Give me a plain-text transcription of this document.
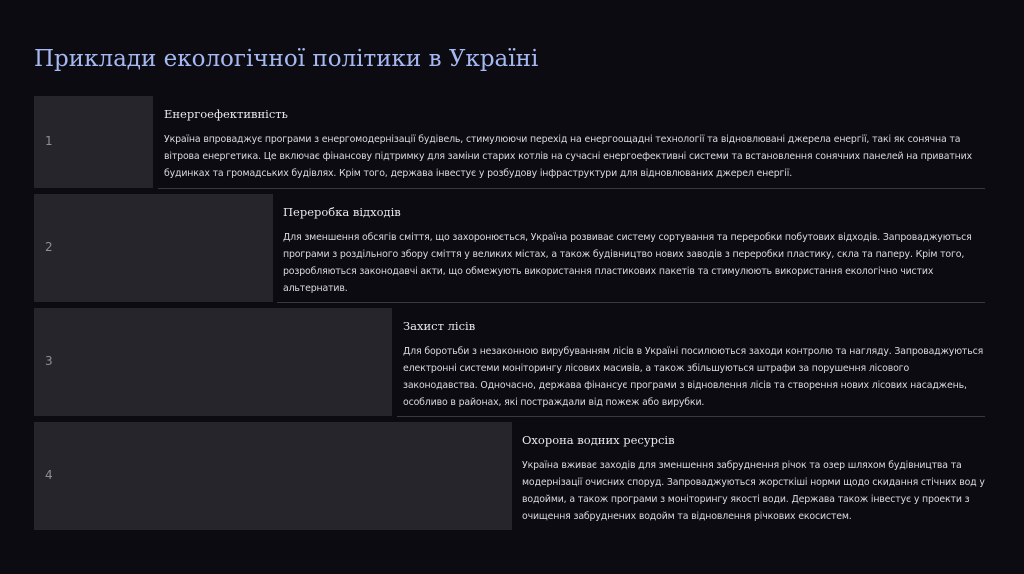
Приклади екологічної політики в Україні
1
Енергоефективність

Україна впроваджує програми з енергомодернізації будівель, стимулюючи перехід на енергоощадні технології та відновлювані джерела енергії, такі як сонячна та вітрова енергетика. Це включає фінансову підтримку для заміни старих котлів на сучасні енергоефективні системи та встановлення сонячних панелей на приватних будинках та громадських будівлях. Крім того, держава інвестує у розбудову інфраструктури для відновлюваних джерел енергії.

2
Переробка відходів

Для зменшення обсягів сміття, що захоронюється, Україна розвиває систему сортування та переробки побутових відходів. Запроваджуються програми з роздільного збору сміття у великих містах, а також будівництво нових заводів з переробки пластику, скла та паперу. Крім того, розробляються законодавчі акти, що обмежують використання пластикових пакетів та стимулюють використання екологічно чистих альтернатив.

3
Захист лісів

Для боротьби з незаконною вирубуванням лісів в Україні посилюються заходи контролю та нагляду. Запроваджуються електронні системи моніторингу лісових масивів, а також збільшуються штрафи за порушення лісового законодавства. Одночасно, держава фінансує програми з відновлення лісів та створення нових лісових насаджень, особливо в районах, які постраждали від пожеж або вирубки.

4
Охорона водних ресурсів

Україна вживає заходів для зменшення забруднення річок та озер шляхом будівництва та модернізації очисних споруд. Запроваджуються жорсткіші норми щодо скидання стічних вод у водойми, а також програми з моніторингу якості води. Держава також інвестує у проекти з очищення забруднених водойм та відновлення річкових екосистем.
